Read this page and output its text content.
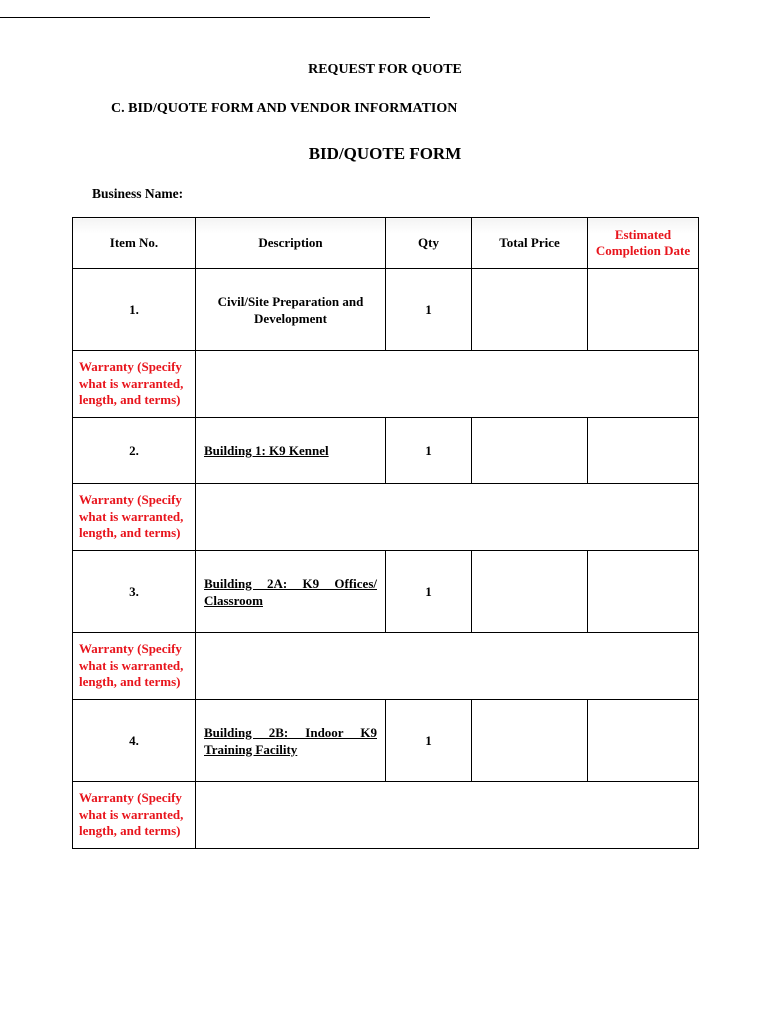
REQUEST FOR QUOTE
C. BID/QUOTE FORM AND VENDOR INFORMATION
BID/QUOTE FORM
Business Name:
Item No.	Description	Qty	Total Price	Estimated Completion Date
1.	Civil/Site Preparation and Development	1		
Warranty (Specify what is warranted, length, and terms)	
2.	Building 1: K9 Kennel	1		
Warranty (Specify what is warranted, length, and terms)	
3.	Building 2A: K9 Offices/ Classroom	1		
Warranty (Specify what is warranted, length, and terms)	
4.	Building 2B: Indoor K9 Training Facility	1		
Warranty (Specify what is warranted, length, and terms)	
